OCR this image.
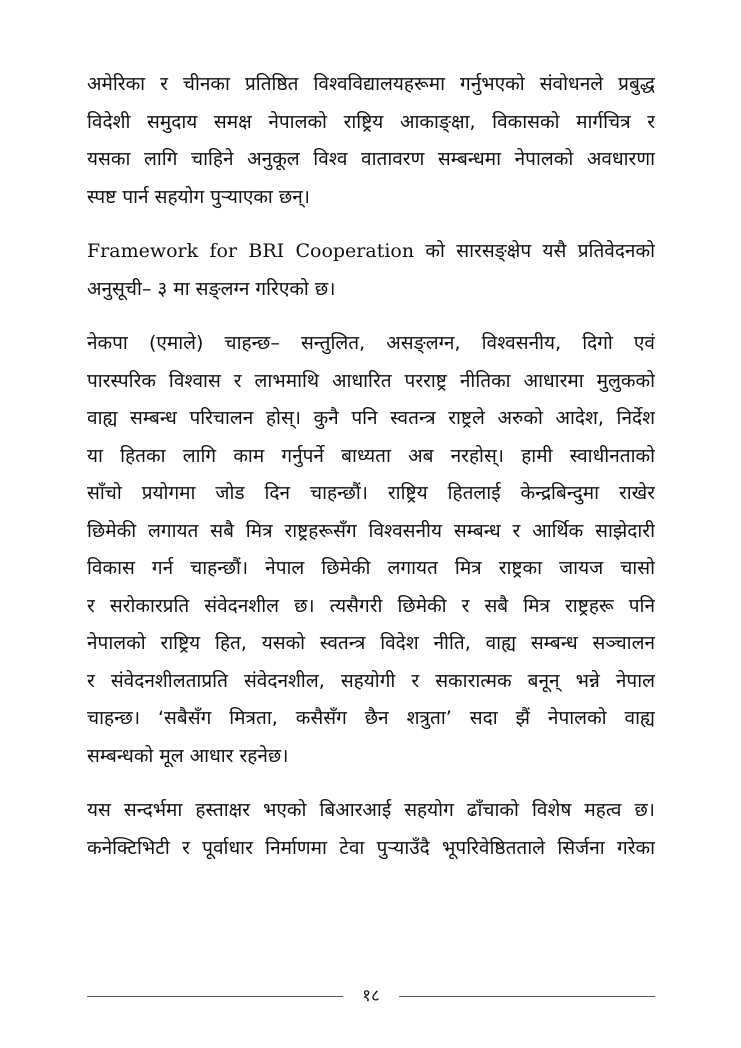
अमेरिका र चीनका प्रतिष्ठित विश्वविद्यालयहरूमा गर्नुभएको संवोधनले प्रबुद्ध
विदेशी समुदाय समक्ष नेपालको राष्ट्रिय आकाङ्क्षा, विकासको मार्गचित्र र
यसका लागि चाहिने अनुकूल विश्व वातावरण सम्बन्धमा नेपालको अवधारणा
स्पष्ट पार्न सहयोग पुऱ्याएका छन्।
Framework for BRI Cooperation को सारसङ्क्षेप यसै प्रतिवेदनको
अनुसूची– ३ मा सङ्लग्न गरिएको छ।
नेकपा (एमाले) चाहन्छ– सन्तुलित, असङ्लग्न, विश्वसनीय, दिगो एवं
पारस्परिक विश्वास र लाभमाथि आधारित परराष्ट्र नीतिका आधारमा मुलुकको
वाह्य सम्बन्ध परिचालन होस्। कुनै पनि स्वतन्त्र राष्ट्रले अरुको आदेश, निर्देश
या हितका लागि काम गर्नुपर्ने बाध्यता अब नरहोस्। हामी स्वाधीनताको
साँचो प्रयोगमा जोड दिन चाहन्छौं। राष्ट्रिय हितलाई केन्द्रबिन्दुमा राखेर
छिमेकी लगायत सबै मित्र राष्ट्रहरूसँग विश्वसनीय सम्बन्ध र आर्थिक साझेदारी
विकास गर्न चाहन्छौं। नेपाल छिमेकी लगायत मित्र राष्ट्रका जायज चासो
र सरोकारप्रति संवेदनशील छ। त्यसैगरी छिमेकी र सबै मित्र राष्ट्रहरू पनि
नेपालको राष्ट्रिय हित, यसको स्वतन्त्र विदेश नीति, वाह्य सम्बन्ध सञ्चालन
र संवेदनशीलताप्रति संवेदनशील, सहयोगी र सकारात्मक बनून् भन्ने नेपाल
चाहन्छ। ‘सबैसँग मित्रता, कसैसँग छैन शत्रुता’ सदा झैं नेपालको वाह्य
सम्बन्धको मूल आधार रहनेछ।
यस सन्दर्भमा हस्ताक्षर भएको बिआरआई सहयोग ढाँचाको विशेष महत्व छ।
कनेक्टिभिटी र पूर्वाधार निर्माणमा टेवा पुऱ्याउँदै भूपरिवेष्ठितताले सिर्जना गरेका
१८
